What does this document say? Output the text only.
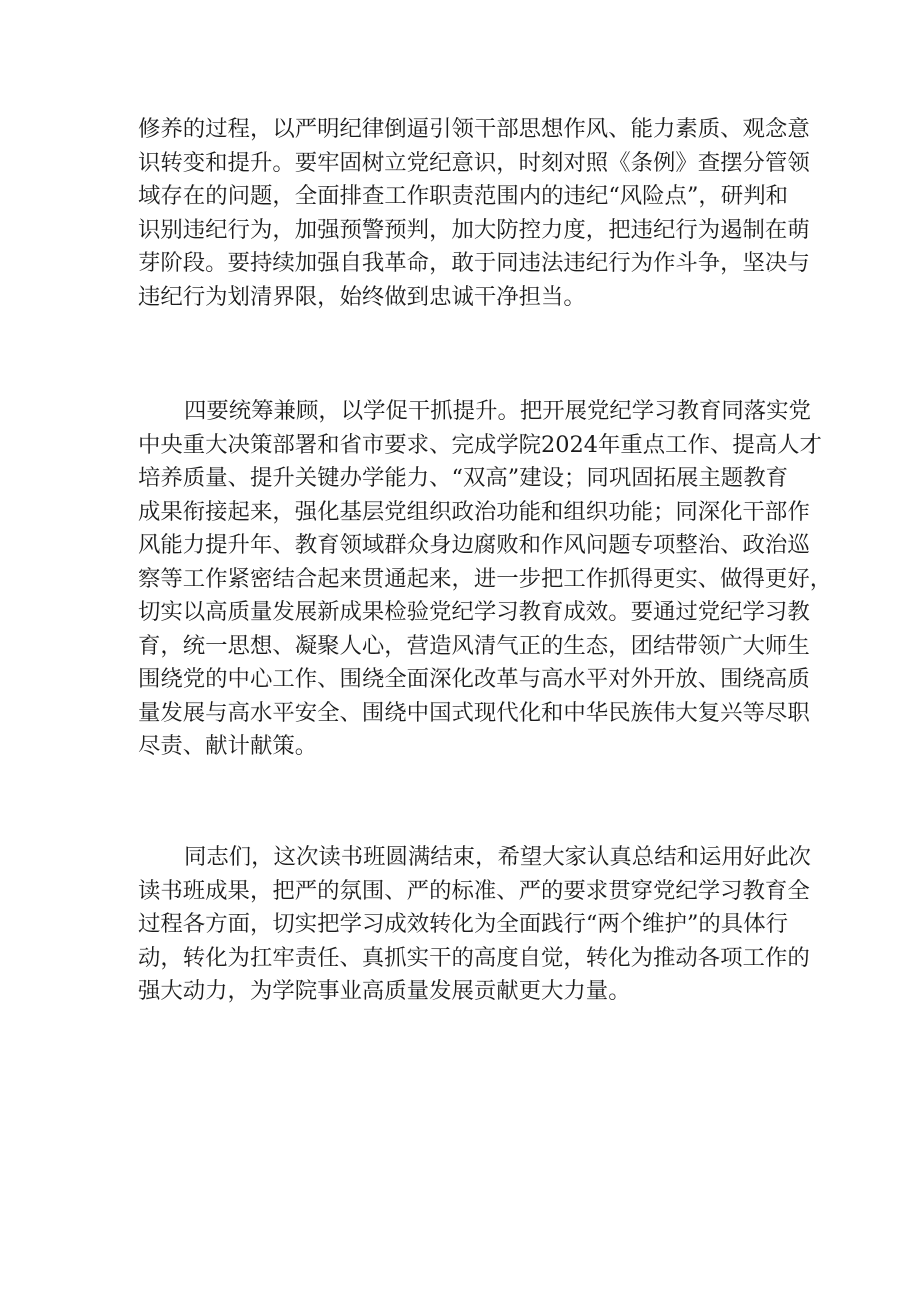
修养的过程，以严明纪律倒逼引领干部思想作风、能力素质、观念意
识转变和提升。要牢固树立党纪意识，时刻对照《条例》查摆分管领
域存在的问题，全面排查工作职责范围内的违纪“风险点”，研判和
识别违纪行为，加强预警预判，加大防控力度，把违纪行为遏制在萌
芽阶段。要持续加强自我革命，敢于同违法违纪行为作斗争，坚决与
违纪行为划清界限，始终做到忠诚干净担当。
四要统筹兼顾，以学促干抓提升。把开展党纪学习教育同落实党
中央重大决策部署和省市要求、完成学院2024年重点工作、提高人才
培养质量、提升关键办学能力、“双高”建设；同巩固拓展主题教育
成果衔接起来，强化基层党组织政治功能和组织功能；同深化干部作
风能力提升年、教育领域群众身边腐败和作风问题专项整治、政治巡
察等工作紧密结合起来贯通起来，进一步把工作抓得更实、做得更好，
切实以高质量发展新成果检验党纪学习教育成效。要通过党纪学习教
育，统一思想、凝聚人心，营造风清气正的生态，团结带领广大师生
围绕党的中心工作、围绕全面深化改革与高水平对外开放、围绕高质
量发展与高水平安全、围绕中国式现代化和中华民族伟大复兴等尽职
尽责、献计献策。
同志们，这次读书班圆满结束，希望大家认真总结和运用好此次
读书班成果，把严的氛围、严的标准、严的要求贯穿党纪学习教育全
过程各方面，切实把学习成效转化为全面践行“两个维护”的具体行
动，转化为扛牢责任、真抓实干的高度自觉，转化为推动各项工作的
强大动力，为学院事业高质量发展贡献更大力量。
